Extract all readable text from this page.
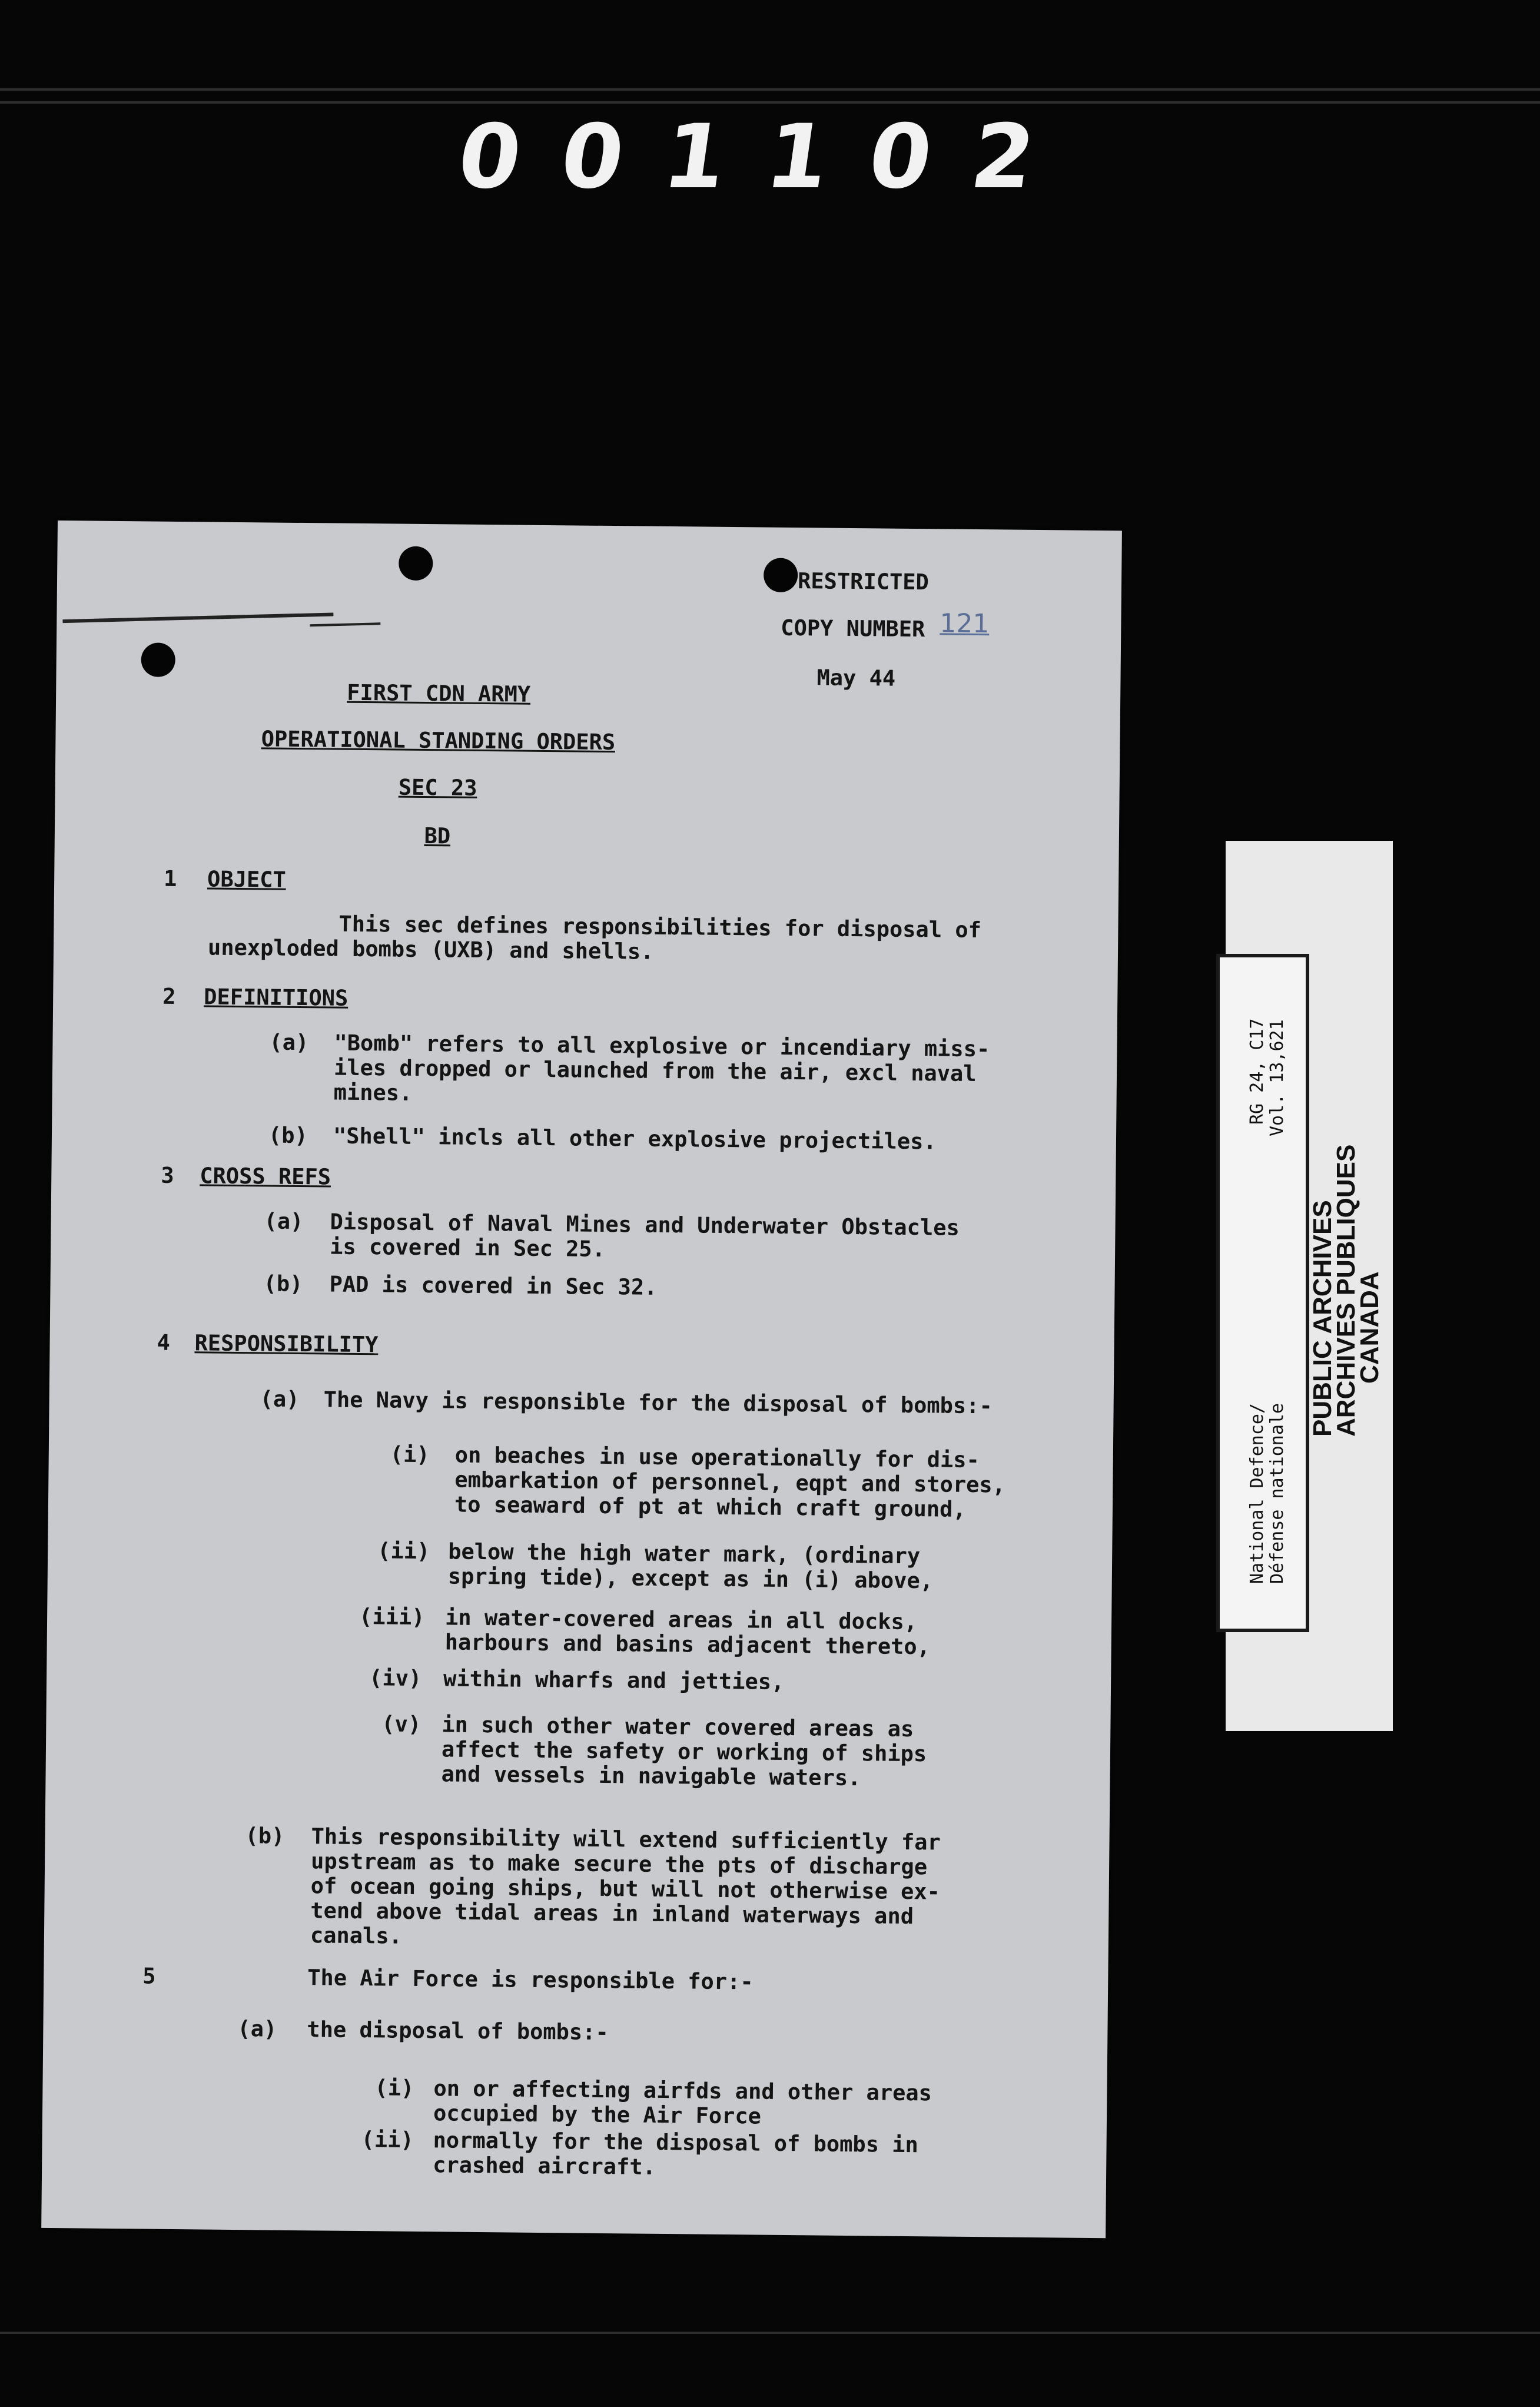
001102
RESTRICTED
COPY NUMBER 121
May 44
FIRST CDN ARMY
OPERATIONAL STANDING ORDERS
SEC 23
BD
1 OBJECT
This sec defines responsibilities for disposal of
unexploded bombs (UXB) and shells.
2 DEFINITIONS
(a) "Bomb" refers to all explosive or incendiary miss-
iles dropped or launched from the air, excl naval
mines.
(b) "Shell" incls all other explosive projectiles.
3 CROSS REFS
(a) Disposal of Naval Mines and Underwater Obstacles
is covered in Sec 25.
(b) PAD is covered in Sec 32.
4 RESPONSIBILITY
(a) The Navy is responsible for the disposal of bombs:-
(i) on beaches in use operationally for dis-
embarkation of personnel, eqpt and stores,
to seaward of pt at which craft ground,
(ii) below the high water mark, (ordinary
spring tide), except as in (i) above,
(iii) in water-covered areas in all docks,
harbours and basins adjacent thereto,
(iv) within wharfs and jetties,
(v) in such other water covered areas as
affect the safety or working of ships
and vessels in navigable waters.
(b) This responsibility will extend sufficiently far
upstream as to make secure the pts of discharge
of ocean going ships, but will not otherwise ex-
tend above tidal areas in inland waterways and
canals.
5	The Air Force is responsible for:-
(a) the disposal of bombs:-
(i) on or affecting airfds and other areas
occupied by the Air Force
(ii) normally for the disposal of bombs in
crashed aircraft.
RG 24, C17 Vol. 13,621
National Defence/ Défense nationale
PUBLIC ARCHIVES
ARCHIVES PUBLIQUES
CANADA
